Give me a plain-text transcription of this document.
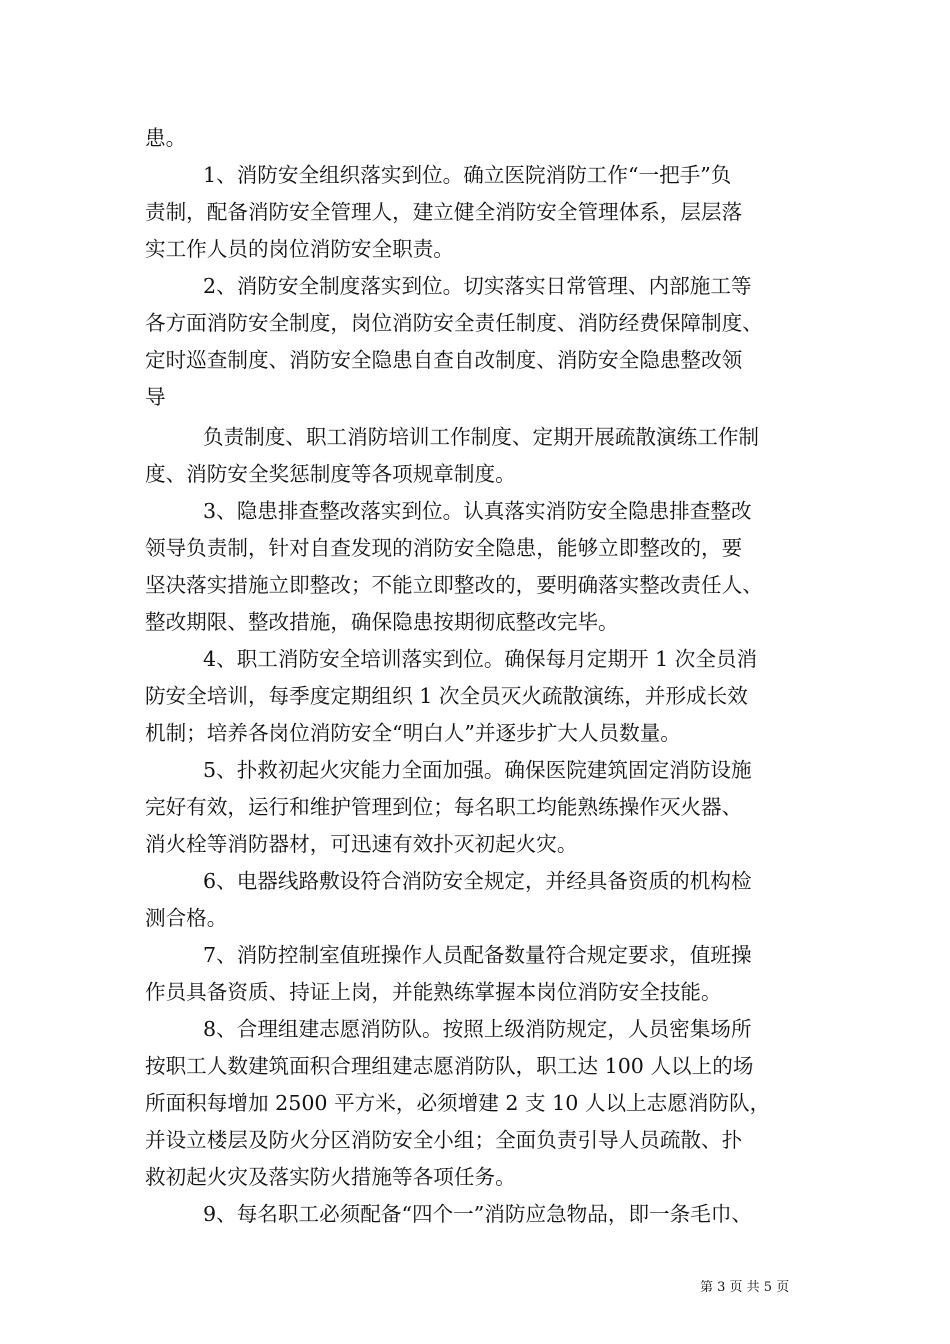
患。
1、消防安全组织落实到位。确立医院消防工作“一把手”负
责制，配备消防安全管理人，建立健全消防安全管理体系，层层落
实工作人员的岗位消防安全职责。
2、消防安全制度落实到位。切实落实日常管理、内部施工等
各方面消防安全制度，岗位消防安全责任制度、消防经费保障制度、
定时巡查制度、消防安全隐患自查自改制度、消防安全隐患整改领
导
负责制度、职工消防培训工作制度、定期开展疏散演练工作制
度、消防安全奖惩制度等各项规章制度。
3、隐患排查整改落实到位。认真落实消防安全隐患排查整改
领导负责制，针对自查发现的消防安全隐患，能够立即整改的，要
坚决落实措施立即整改；不能立即整改的，要明确落实整改责任人、
整改期限、整改措施，确保隐患按期彻底整改完毕。
4、职工消防安全培训落实到位。确保每月定期开 1 次全员消
防安全培训，每季度定期组织 1 次全员灭火疏散演练，并形成长效
机制；培养各岗位消防安全“明白人”并逐步扩大人员数量。
5、扑救初起火灾能力全面加强。确保医院建筑固定消防设施
完好有效，运行和维护管理到位；每名职工均能熟练操作灭火器、
消火栓等消防器材，可迅速有效扑灭初起火灾。
6、电器线路敷设符合消防安全规定，并经具备资质的机构检
测合格。
7、消防控制室值班操作人员配备数量符合规定要求，值班操
作员具备资质、持证上岗，并能熟练掌握本岗位消防安全技能。
8、合理组建志愿消防队。按照上级消防规定，人员密集场所
按职工人数建筑面积合理组建志愿消防队，职工达 100 人以上的场
所面积每增加 2500 平方米，必须增建 2 支 10 人以上志愿消防队，
并设立楼层及防火分区消防安全小组；全面负责引导人员疏散、扑
救初起火灾及落实防火措施等各项任务。
9、每名职工必须配备“四个一”消防应急物品，即一条毛巾、
第 3 页 共 5 页
